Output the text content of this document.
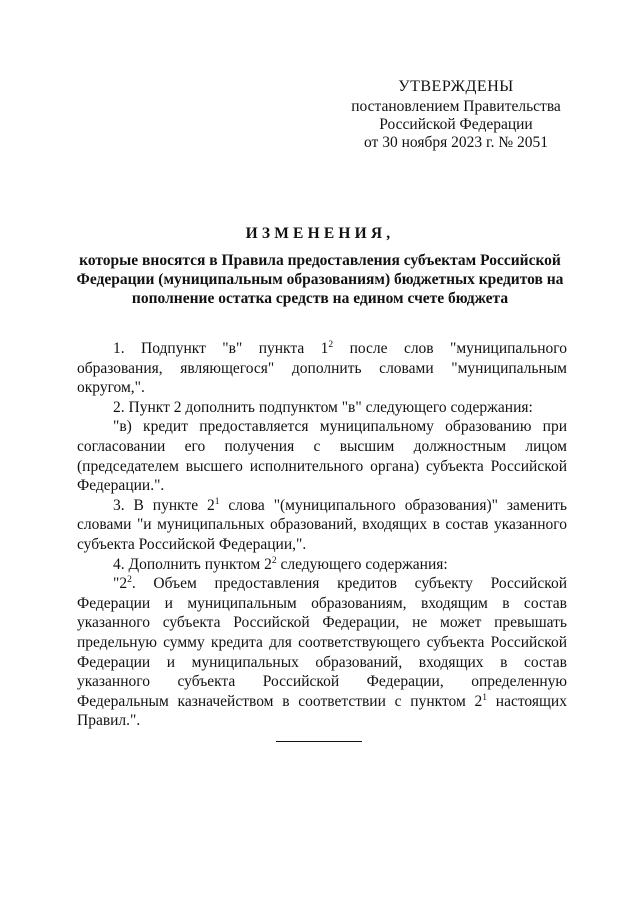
УТВЕРЖДЕНЫ
постановлением Правительства
Российской Федерации
от 30 ноября 2023 г. № 2051
ИЗМЕНЕНИЯ,
которые вносятся в Правила предоставления субъектам Российской Федерации (муниципальным образованиям) бюджетных кредитов на пополнение остатка средств на едином счете бюджета

1. Подпункт "в" пункта $1^2$ после слов "муниципального образования, являющегося" дополнить словами "муниципальным округом,".

2. Пункт 2 дополнить подпунктом "в" следующего содержания:

"в) кредит предоставляется муниципальному образованию при согласовании его получения с высшим должностным лицом (председателем высшего исполнительного органа) субъекта Российской Федерации.".

3. В пункте $2^1$ слова "(муниципального образования)" заменить словами "и муниципальных образований, входящих в состав указанного субъекта Российской Федерации,".

4. Дополнить пунктом $2^2$ следующего содержания:

"$2^2$. Объем предоставления кредитов субъекту Российской Федерации и муниципальным образованиям, входящим в состав указанного субъекта Российской Федерации, не может превышать предельную сумму кредита для соответствующего субъекта Российской Федерации и муниципальных образований, входящих в состав указанного субъекта Российской Федерации, определенную Федеральным казначейством в соответствии с пунктом $2^1$ настоящих Правил.".
